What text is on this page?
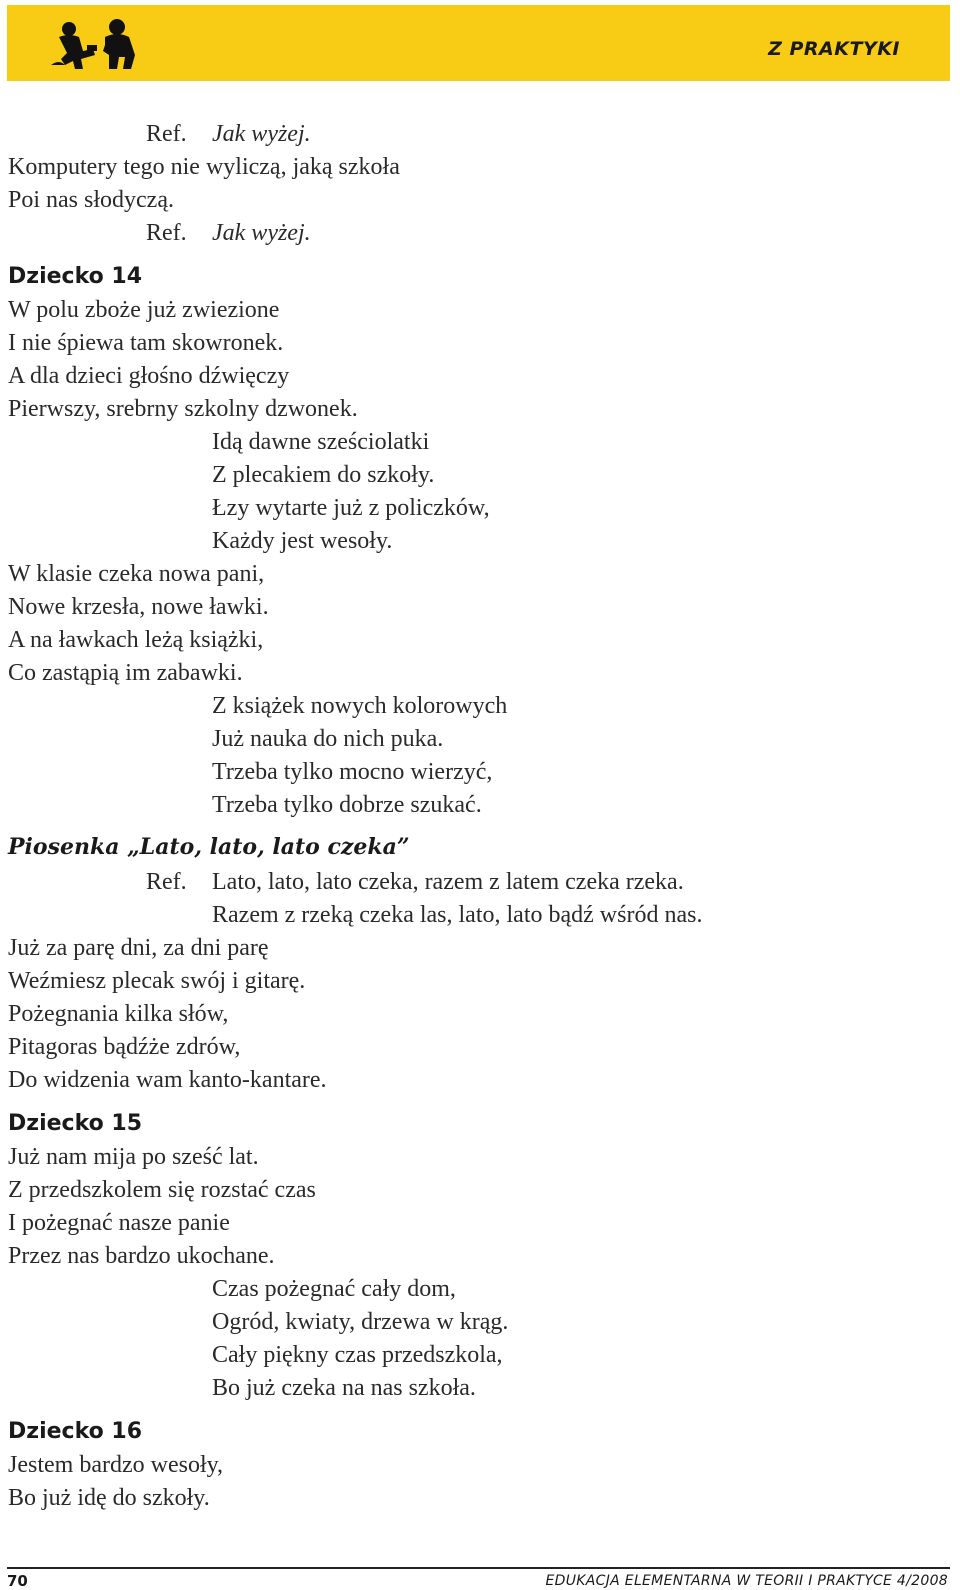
Z PRAKTYKI
Ref. Jak wyżej.
Komputery tego nie wyliczą, jaką szkoła
Poi nas słodyczą.
Ref. Jak wyżej.
Dziecko 14
W polu zboże już zwiezione
I nie śpiewa tam skowronek.
A dla dzieci głośno dźwięczy
Pierwszy, srebrny szkolny dzwonek.
Idą dawne sześciolatki
Z plecakiem do szkoły.
Łzy wytarte już z policzków,
Każdy jest wesoły.
W klasie czeka nowa pani,
Nowe krzesła, nowe ławki.
A na ławkach leżą książki,
Co zastąpią im zabawki.
Z książek nowych kolorowych
Już nauka do nich puka.
Trzeba tylko mocno wierzyć,
Trzeba tylko dobrze szukać.
Piosenka „Lato, lato, lato czeka”
Ref. Lato, lato, lato czeka, razem z latem czeka rzeka.
Razem z rzeką czeka las, lato, lato bądź wśród nas.
Już za parę dni, za dni parę
Weźmiesz plecak swój i gitarę.
Pożegnania kilka słów,
Pitagoras bądźże zdrów,
Do widzenia wam kanto-kantare.
Dziecko 15
Już nam mija po sześć lat.
Z przedszkolem się rozstać czas
I pożegnać nasze panie
Przez nas bardzo ukochane.
Czas pożegnać cały dom,
Ogród, kwiaty, drzewa w krąg.
Cały piękny czas przedszkola,
Bo już czeka na nas szkoła.
Dziecko 16
Jestem bardzo wesoły,
Bo już idę do szkoły.
70	EDUKACJA ELEMENTARNA W TEORII I PRAKTYCE 4/2008
